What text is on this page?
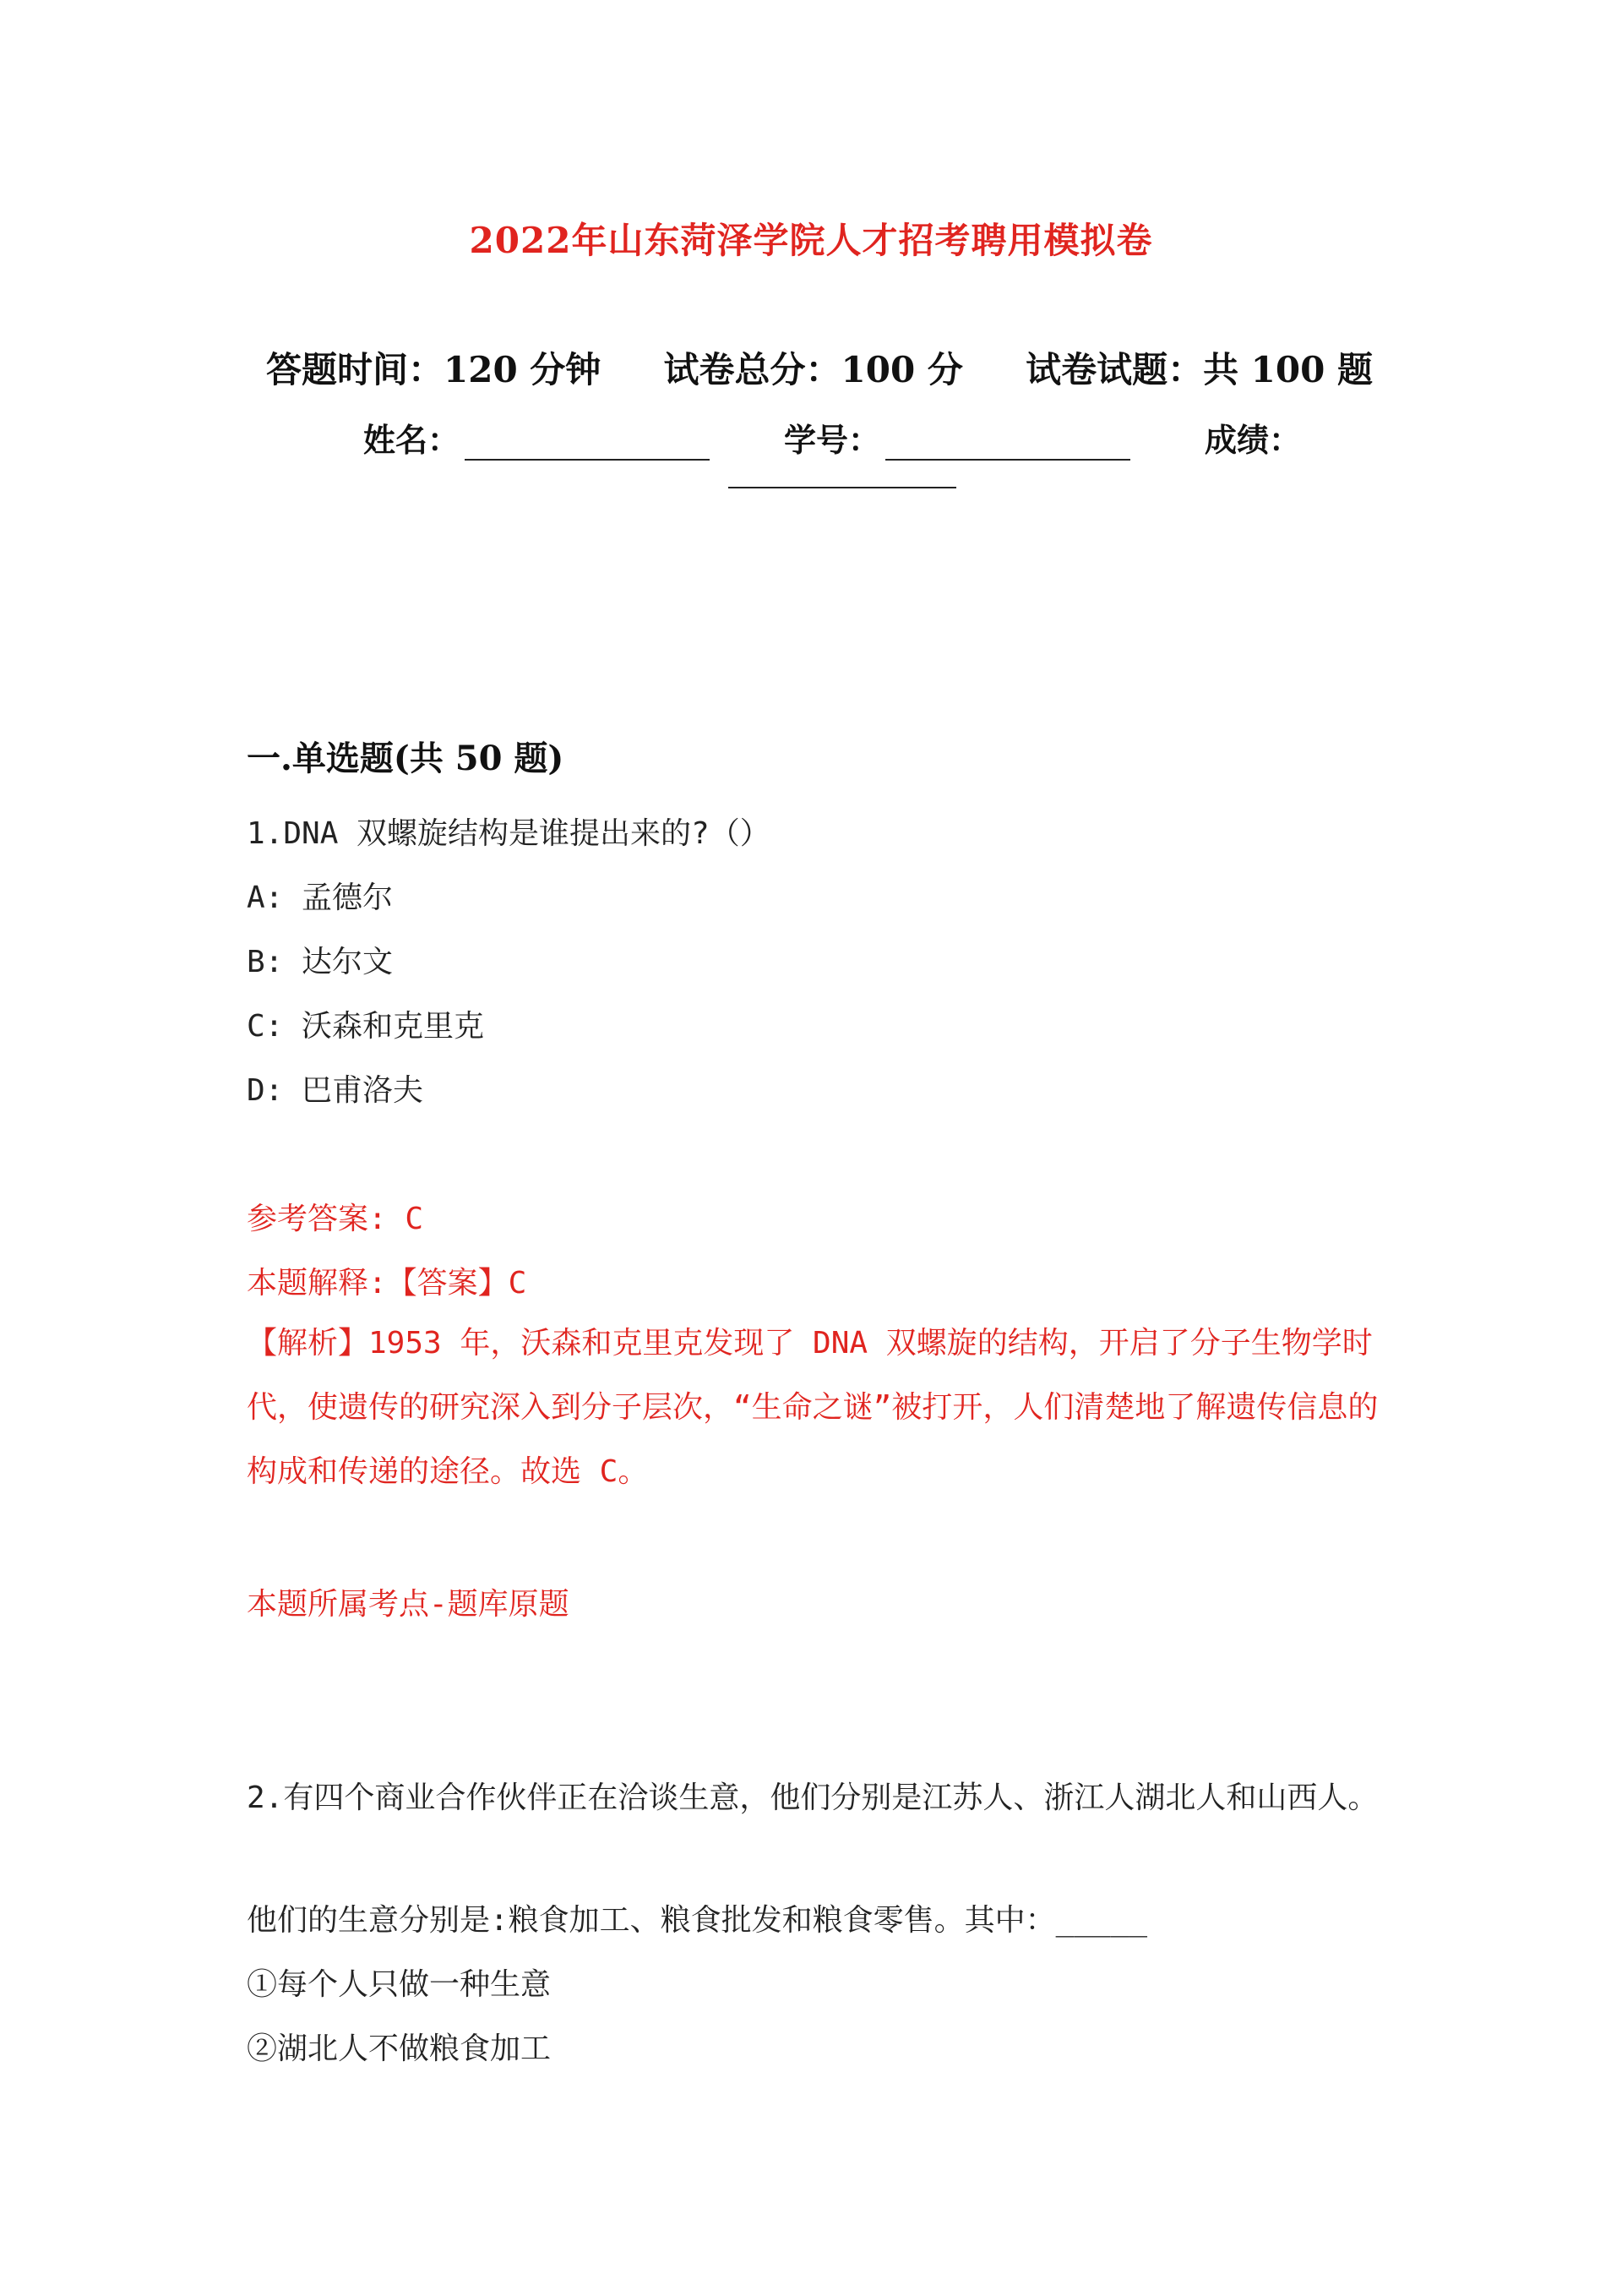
2022年山东菏泽学院人才招考聘用模拟卷
答题时间：120 分钟 试卷总分：100 分 试卷试题：共 100 题
姓名：	学号：	成绩：
一.单选题(共 50 题)
1.DNA 双螺旋结构是谁提出来的?（）
A: 孟德尔
B: 达尔文
C: 沃森和克里克
D: 巴甫洛夫
参考答案: C
本题解释:【答案】C
【解析】1953 年，沃森和克里克发现了 DNA 双螺旋的结构，开启了分子生物学时代，使遗传的研究深入到分子层次，“生命之谜”被打开，人们清楚地了解遗传信息的构成和传递的途径。故选 C。
本题所属考点-题库原题
2.有四个商业合作伙伴正在洽谈生意，他们分别是江苏人、浙江人湖北人和山西人。
他们的生意分别是:粮食加工、粮食批发和粮食零售。其中：_____
①每个人只做一种生意
②湖北人不做粮食加工
